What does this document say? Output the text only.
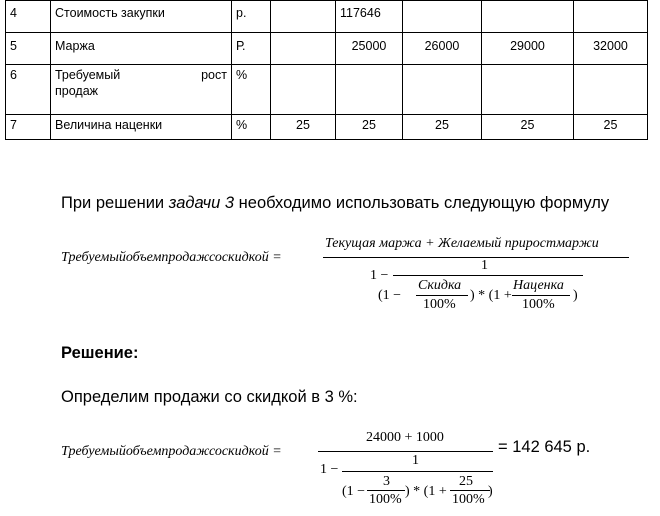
4	Стоимость закупки	р.		117646			
5	Маржа	Р.		25000	26000	29000	32000
6	Требуемый рост
продаж	%					
7	Величина наценки	%	25	25	25	25	25
При решении задачи 3 необходимо использовать следующую формулу
Требуемыйобъемпродажсоскидкой =
Текущая маржа + Желаемый приростмаржи
1
1 −
(1 −
Скидка
100%
) * (1 +
Наценка
100%
)
Решение:
Определим продажи со скидкой в 3 %:
Требуемыйобъемпродажсоскидкой =
24000 + 1000
1
1 −
(1 −
3
100%
) * (1 +
25
100%
)
= 142 645 р.
